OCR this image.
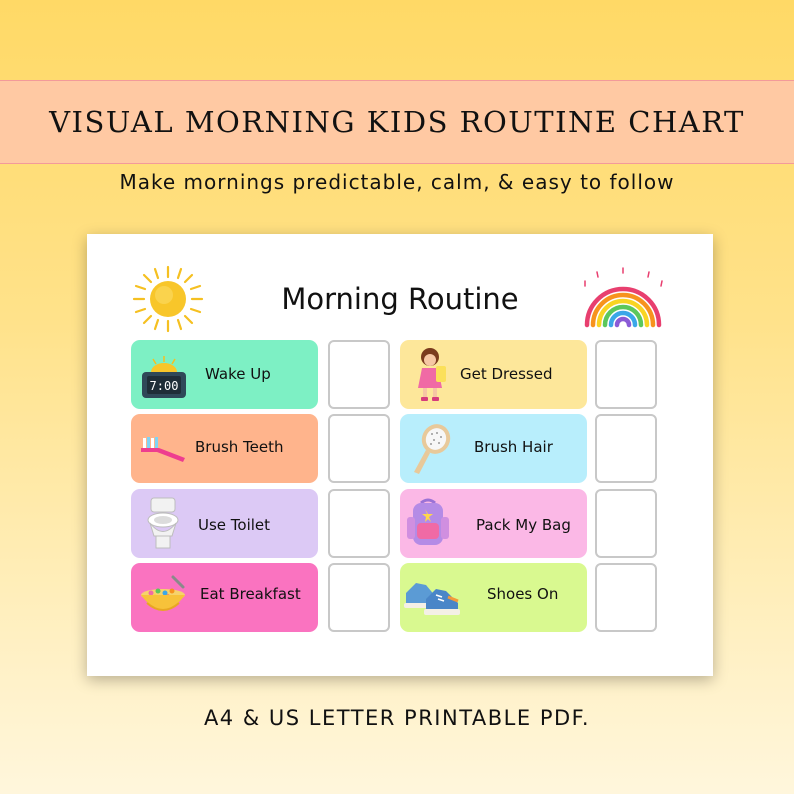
VISUAL MORNING KIDS ROUTINE CHART
Make mornings predictable, calm, & easy to follow
Morning Routine
7:00
Wake Up	Get Dressed
Brush Teeth	Brush Hair
Use Toilet	Pack My Bag
Eat Breakfast	Shoes On
A4 & US LETTER PRINTABLE PDF.
